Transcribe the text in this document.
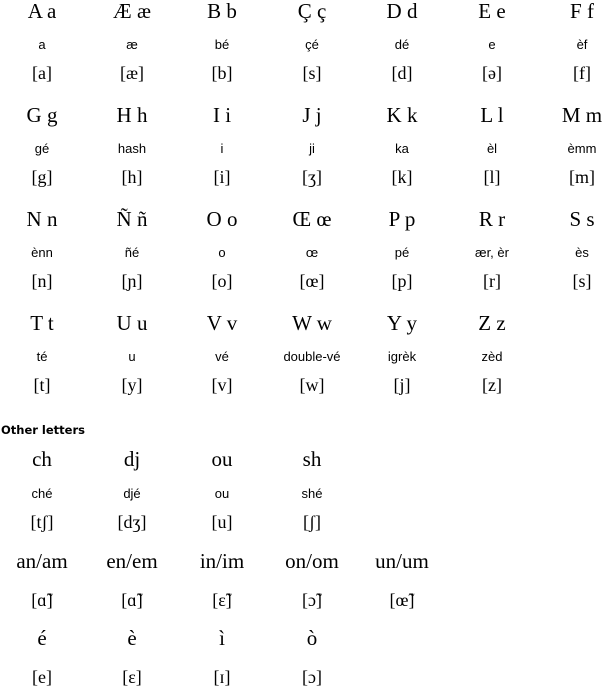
Other letters
A a
a
[a]
Æ æ
æ
[æ]
B b
bé
[b]
Ç ç
çé
[s]
D d
dé
[d]
E e
e
[ə]
F f
èf
[f]
G g
gé
[g]
H h
hash
[h]
I i
i
[i]
J j
ji
[ʒ]
K k
ka
[k]
L l
èl
[l]
M m
èmm
[m]
N n
ènn
[n]
Ñ ñ
ñé
[ɲ]
O o
o
[o]
Œ œ
œ
[œ]
P p
pé
[p]
R r
ær, èr
[r]
S s
ès
[s]
T t
té
[t]
U u
u
[y]
V v
vé
[v]
W w
double-vé
[w]
Y y
igrèk
[j]
Z z
zèd
[z]
ch
ché
[tʃ]
dj
djé
[dʒ]
ou
ou
[u]
sh
shé
[ʃ]
an/am
[ɑ̃]
en/em
[ɑ̃]
in/im
[ɛ̃]
on/om
[ɔ̃]
un/um
[œ̃]
é
[e]
è
[ɛ]
ì
[ɪ]
ò
[ɔ]
